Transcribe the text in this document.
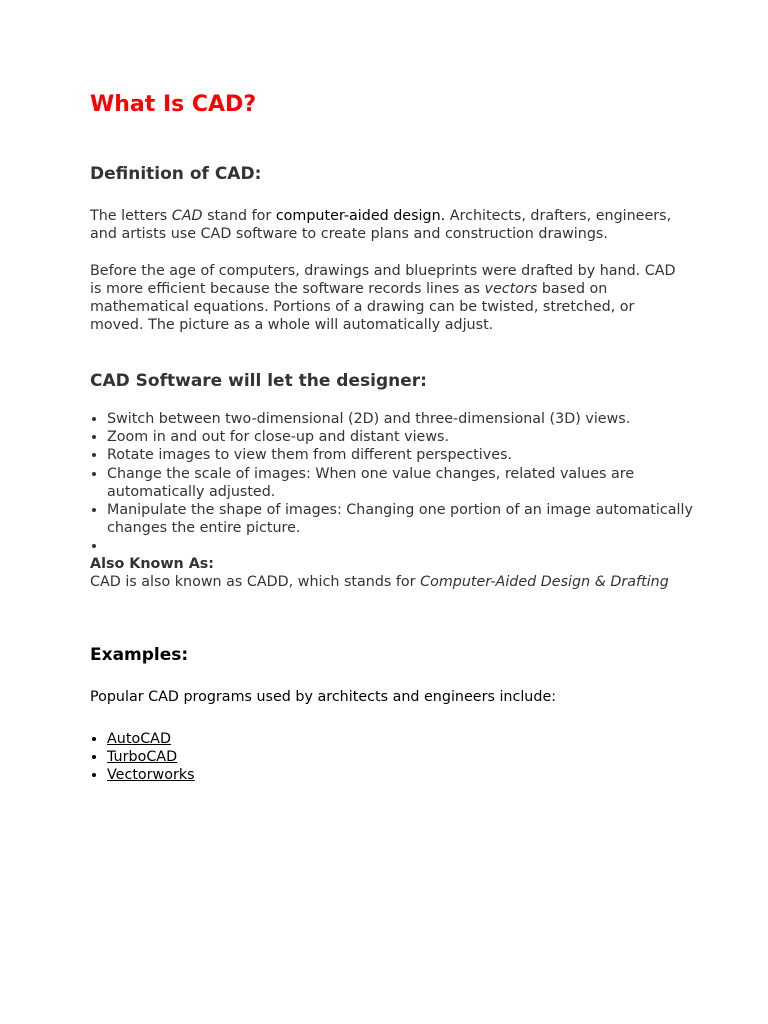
What Is CAD?
Definition of CAD:
The letters CAD stand for computer-aided design. Architects, drafters, engineers, and artists use CAD software to create plans and construction drawings.
Before the age of computers, drawings and blueprints were drafted by hand. CAD is more efficient because the software records lines as vectors based on mathematical equations. Portions of a drawing can be twisted, stretched, or moved. The picture as a whole will automatically adjust.
CAD Software will let the designer:
• Switch between two-dimensional (2D) and three-dimensional (3D) views.
• Zoom in and out for close-up and distant views.
• Rotate images to view them from different perspectives.
• Change the scale of images: When one value changes, related values are automatically adjusted.
• Manipulate the shape of images: Changing one portion of an image automatically changes the entire picture.
•
Also Known As:
CAD is also known as CADD, which stands for Computer-Aided Design & Drafting
Examples:
Popular CAD programs used by architects and engineers include:
• AutoCAD
• TurboCAD
• Vectorworks
